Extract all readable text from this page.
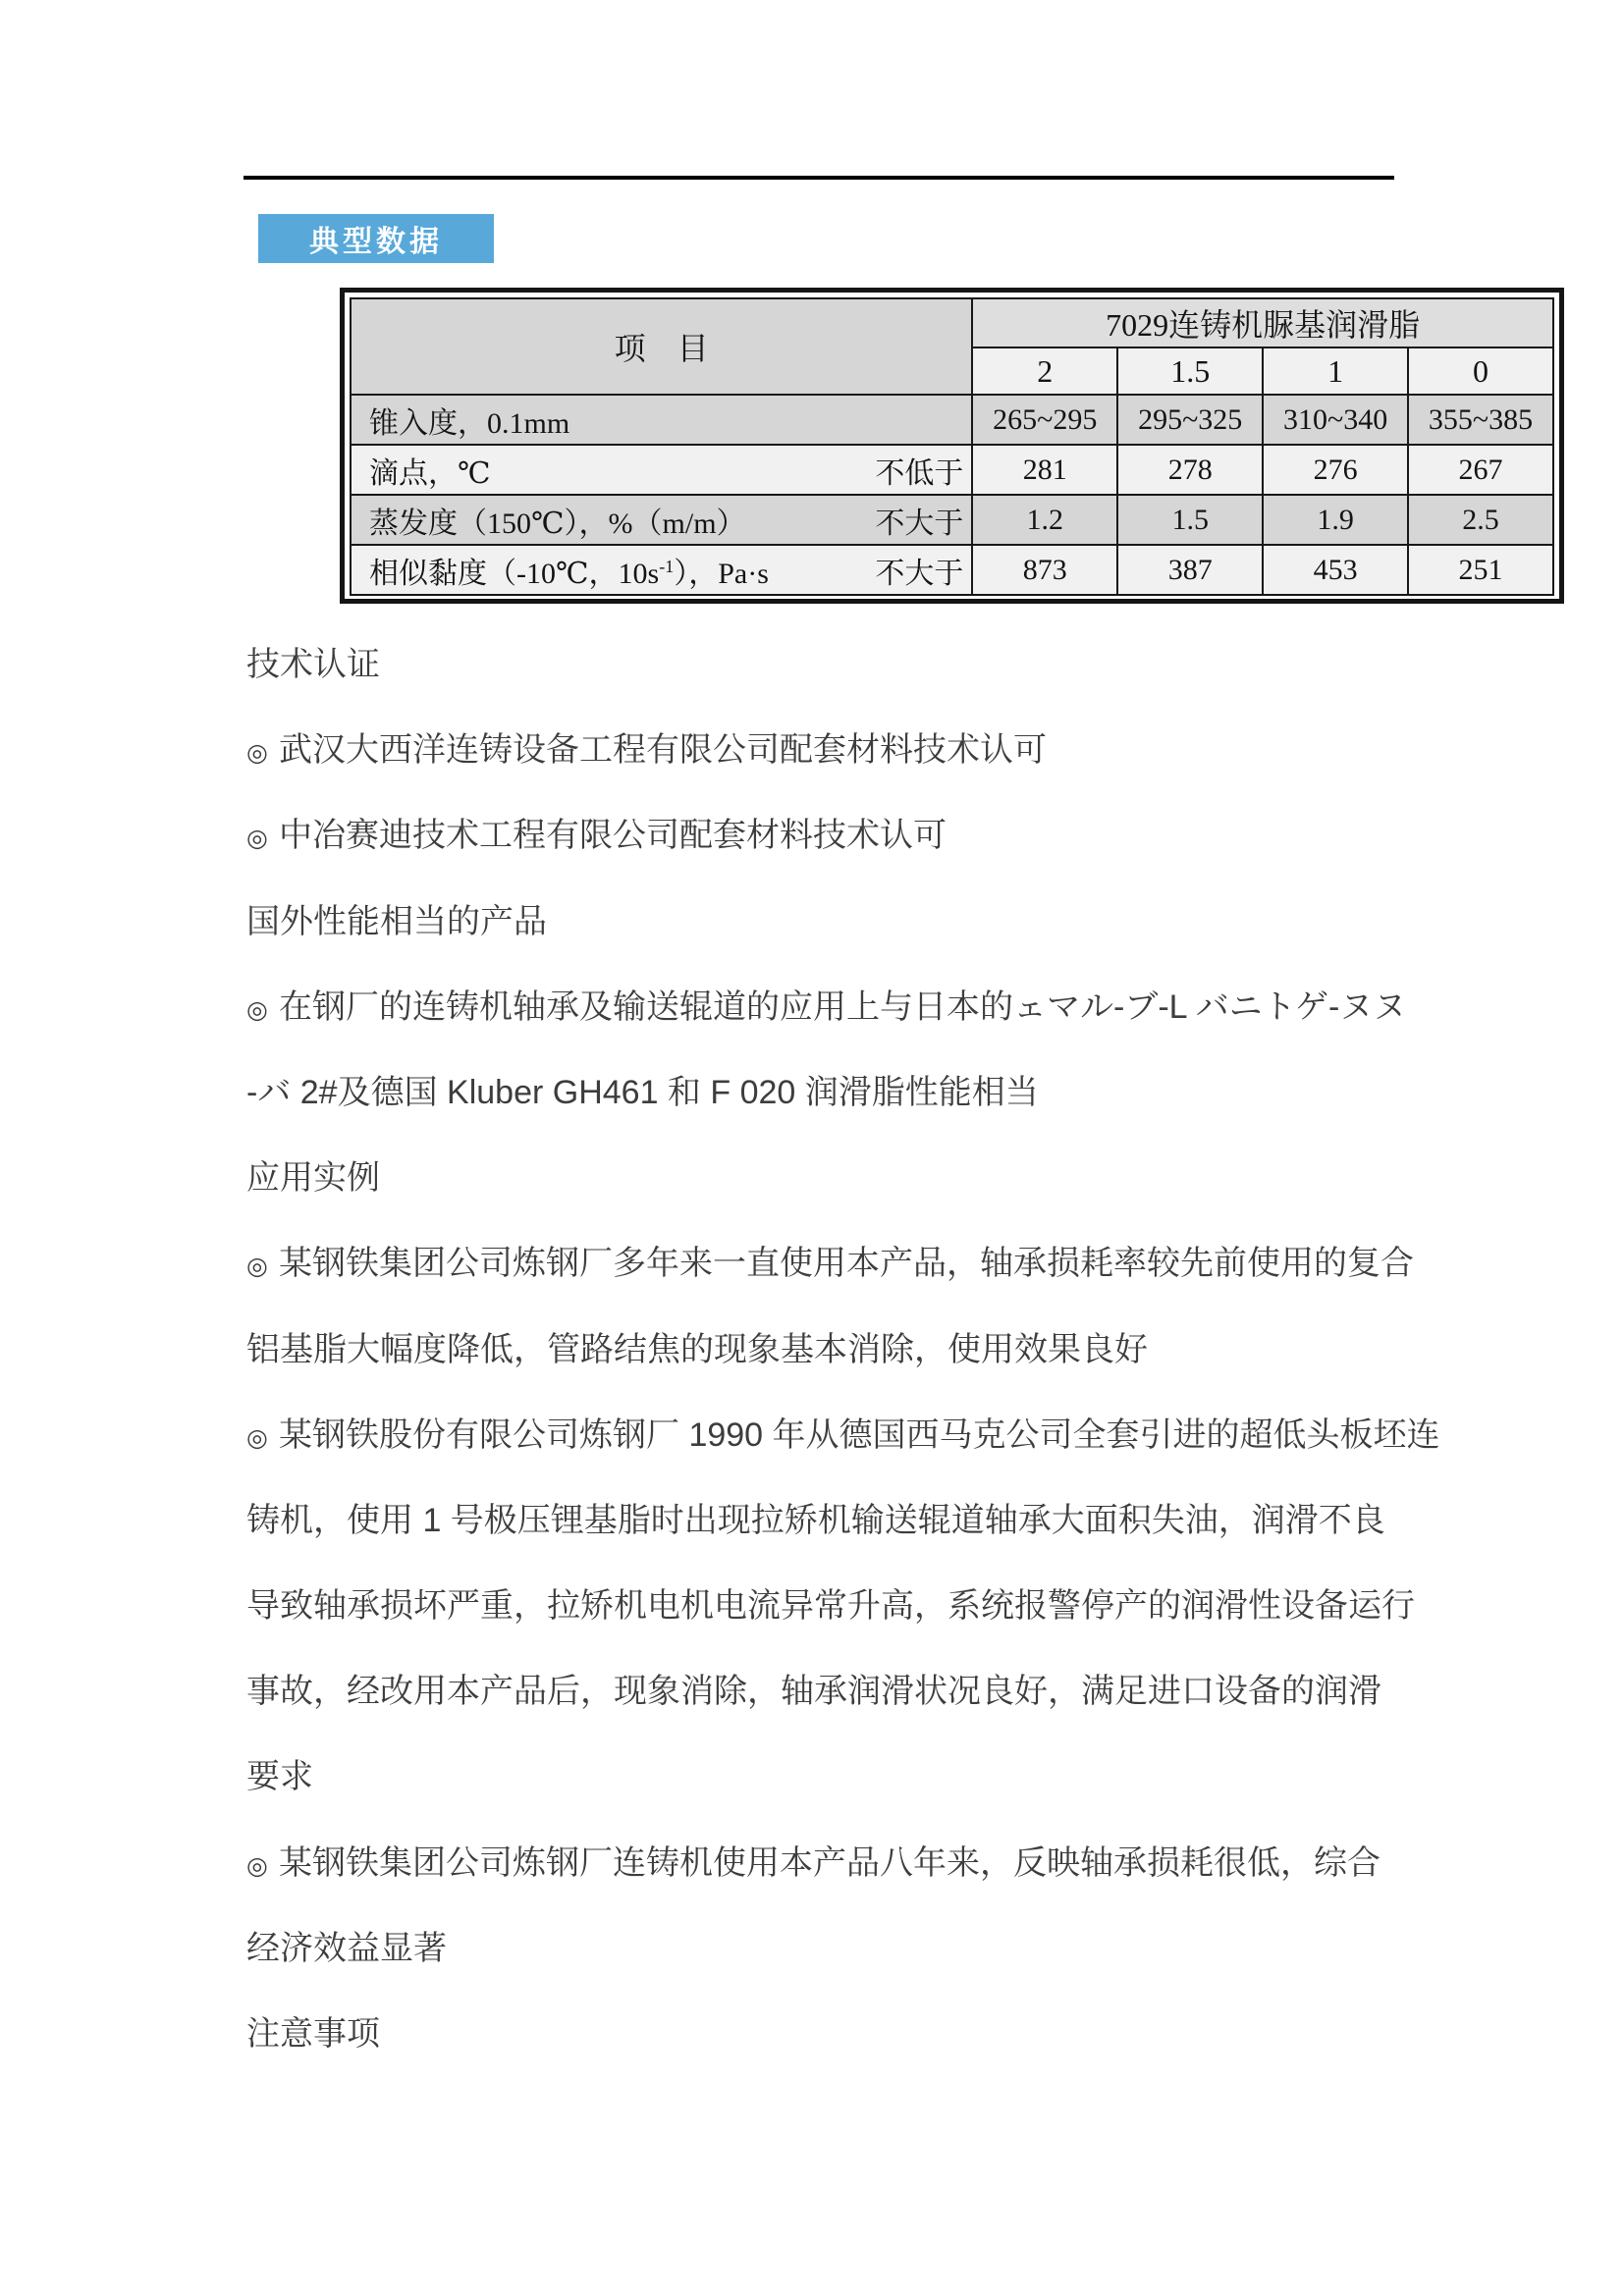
典型数据
项　目	7029连铸机脲基润滑脂			
	2	1.5	1	0

锥入度，0.1mm	265~295	295~325	310~340	355~385

滴点，℃ 不低于	281	278	276	267

蒸发度（150℃），%（m/m） 不大于	1.2	1.5	1.9	2.5

相似黏度（-10℃，$10s^{-1}$），Pa·s 不大于	873	387	453	251
技术认证
◎ 武汉大西洋连铸设备工程有限公司配套材料技术认可
◎ 中冶赛迪技术工程有限公司配套材料技术认可
国外性能相当的产品
◎ 在钢厂的连铸机轴承及输送辊道的应用上与日本的ェマル-ブ-L バニトゲ-ヌヌ
-バ 2#及德国 Kluber GH461 和 F 020 润滑脂性能相当
应用实例
◎ 某钢铁集团公司炼钢厂多年来一直使用本产品，轴承损耗率较先前使用的复合
铝基脂大幅度降低，管路结焦的现象基本消除，使用效果良好
◎ 某钢铁股份有限公司炼钢厂 1990 年从德国西马克公司全套引进的超低头板坯连
铸机，使用 1 号极压锂基脂时出现拉矫机输送辊道轴承大面积失油，润滑不良
导致轴承损坏严重，拉矫机电机电流异常升高，系统报警停产的润滑性设备运行
事故，经改用本产品后，现象消除，轴承润滑状况良好，满足进口设备的润滑
要求
◎ 某钢铁集团公司炼钢厂连铸机使用本产品八年来，反映轴承损耗很低，综合
经济效益显著
注意事项
